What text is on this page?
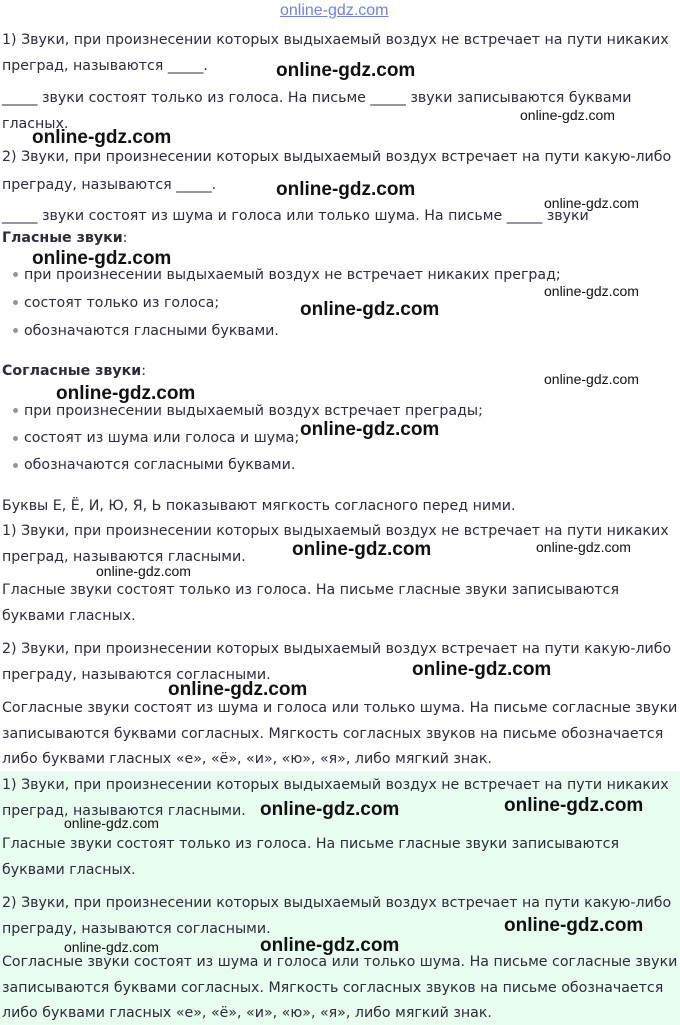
online-gdz.com
1) Звуки, при произнесении которых выдыхаемый воздух не встречает на пути никаких
преград, называются _____.
_____ звуки состоят только из голоса. На письме _____ звуки записываются буквами
гласных.
2) Звуки, при произнесении которых выдыхаемый воздух встречает на пути какую-либо
преграду, называются _____.
_____ звуки состоят из шума и голоса или только шума. На письме _____ звуки
Гласные звуки:
при произнесении выдыхаемый воздух не встречает никаких преград;
состоят только из голоса;
обозначаются гласными буквами.
Согласные звуки:
при произнесении выдыхаемый воздух встречает преграды;
состоят из шума или голоса и шума;
обозначаются согласными буквами.
Буквы Е, Ё, И, Ю, Я, Ь показывают мягкость согласного перед ними.
1) Звуки, при произнесении которых выдыхаемый воздух не встречает на пути никаких
преград, называются гласными.
Гласные звуки состоят только из голоса. На письме гласные звуки записываются
буквами гласных.
2) Звуки, при произнесении которых выдыхаемый воздух встречает на пути какую-либо
преграду, называются согласными.
Согласные звуки состоят из шума и голоса или только шума. На письме согласные звуки
записываются буквами согласных. Мягкость согласных звуков на письме обозначается
либо буквами гласных «е», «ё», «и», «ю», «я», либо мягкий знак.
1) Звуки, при произнесении которых выдыхаемый воздух не встречает на пути никаких
преград, называются гласными.
Гласные звуки состоят только из голоса. На письме гласные звуки записываются
буквами гласных.
2) Звуки, при произнесении которых выдыхаемый воздух встречает на пути какую-либо
преграду, называются согласными.
Согласные звуки состоят из шума и голоса или только шума. На письме согласные звуки
записываются буквами согласных. Мягкость согласных звуков на письме обозначается
либо буквами гласных «е», «ё», «и», «ю», «я», либо мягкий знак.
online-gdz.com
online-gdz.com
online-gdz.com
online-gdz.com
online-gdz.com
online-gdz.com
online-gdz.com
online-gdz.com
online-gdz.com
online-gdz.com
online-gdz.com
online-gdz.com
online-gdz.com
online-gdz.com
online-gdz.com
online-gdz.com
online-gdz.com
online-gdz.com
online-gdz.com
online-gdz.com
online-gdz.com
online-gdz.com
